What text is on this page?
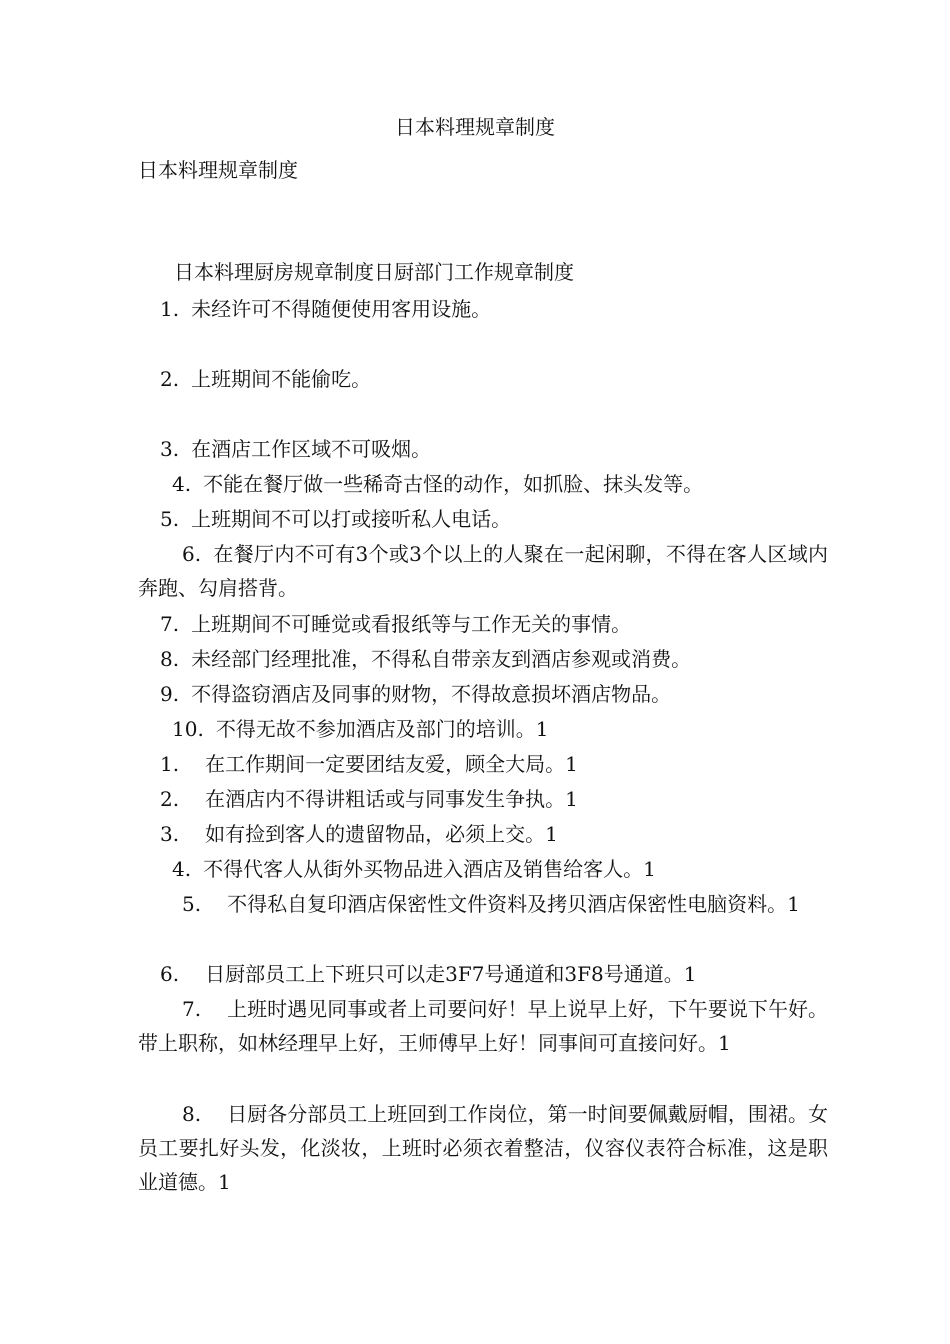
日本料理规章制度
日本料理规章制度
日本料理厨房规章制度日厨部门工作规章制度
1. 未经许可不得随便使用客用设施。
2. 上班期间不能偷吃。
3. 在酒店工作区域不可吸烟。
4. 不能在餐厅做一些稀奇古怪的动作，如抓脸、抹头发等。
5. 上班期间不可以打或接听私人电话。
6. 在餐厅内不可有3个或3个以上的人聚在一起闲聊，不得在客人区域内奔跑、勾肩搭背。
7. 上班期间不可睡觉或看报纸等与工作无关的事情。
8. 未经部门经理批准，不得私自带亲友到酒店参观或消费。
9. 不得盗窃酒店及同事的财物，不得故意损坏酒店物品。
10. 不得无故不参加酒店及部门的培训。1
1. 在工作期间一定要团结友爱，顾全大局。1
2. 在酒店内不得讲粗话或与同事发生争执。1
3. 如有捡到客人的遗留物品，必须上交。1
4. 不得代客人从街外买物品进入酒店及销售给客人。1
5. 不得私自复印酒店保密性文件资料及拷贝酒店保密性电脑资料。1
6. 日厨部员工上下班只可以走3F7号通道和3F8号通道。1
7. 上班时遇见同事或者上司要问好！早上说早上好，下午要说下午好。带上职称，如林经理早上好，王师傅早上好！同事间可直接问好。1
8. 日厨各分部员工上班回到工作岗位，第一时间要佩戴厨帽，围裙。女员工要扎好头发，化淡妆，上班时必须衣着整洁，仪容仪表符合标准，这是职业道德。1
